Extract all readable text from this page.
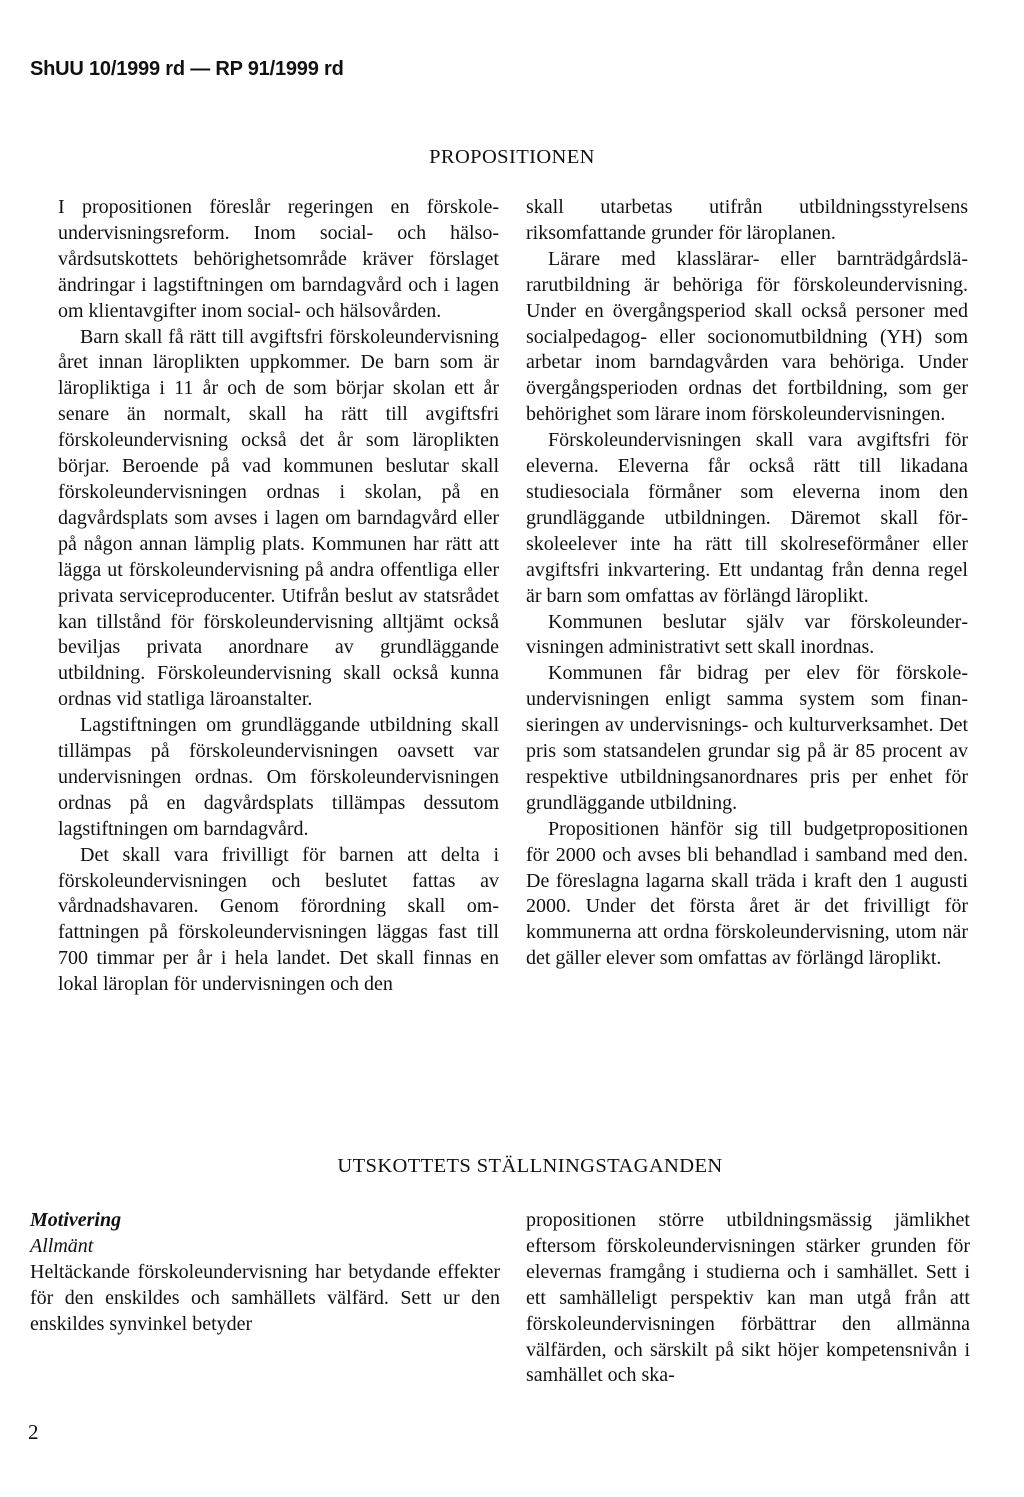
ShUU 10/1999 rd — RP 91/1999 rd
PROPOSITIONEN

I propositionen föreslår regeringen en förskoleundervisningsreform. Inom social- och hälsovårdsutskottets behörighetsområde kräver förslaget ändringar i lagstiftningen om barndagvård och i lagen om klientavgifter inom social- och hälsovården.

Barn skall få rätt till avgiftsfri förskoleundervisning året innan läroplikten uppkommer. De barn som är läropliktiga i 11 år och de som börjar skolan ett år senare än normalt, skall ha rätt till avgiftsfri förskoleundervisning också det år som läroplikten börjar. Beroende på vad kommunen beslutar skall förskoleundervisningen ordnas i skolan, på en dagvårdsplats som avses i lagen om barndagvård eller på någon annan lämplig plats. Kommunen har rätt att lägga ut förskoleundervisning på andra offentliga eller privata serviceproducenter. Utifrån beslut av statsrådet kan tillstånd för förskoleundervisning alltjämt också beviljas privata anordnare av grundläggande utbildning. Förskoleundervisning skall också kunna ordnas vid statliga läroanstalter.

Lagstiftningen om grundläggande utbildning skall tillämpas på förskoleundervisningen oavsett var undervisningen ordnas. Om förskoleundervisningen ordnas på en dagvårdsplats tillämpas dessutom lagstiftningen om barndagvård.

Det skall vara frivilligt för barnen att delta i förskoleundervisningen och beslutet fattas av vårdnadshavaren. Genom förordning skall omfattningen på förskoleundervisningen läggas fast till 700 timmar per år i hela landet. Det skall finnas en lokal läroplan för undervisningen och den

skall utarbetas utifrån utbildningsstyrelsens riksomfattande grunder för läroplanen.

Lärare med klasslärar- eller barnträdgårdslärarutbildning är behöriga för förskoleundervisning. Under en övergångsperiod skall också personer med socialpedagog- eller socionomutbildning (YH) som arbetar inom barndagvården vara behöriga. Under övergångsperioden ordnas det fortbildning, som ger behörighet som lärare inom förskoleundervisningen.

Förskoleundervisningen skall vara avgiftsfri för eleverna. Eleverna får också rätt till likadana studiesociala förmåner som eleverna inom den grundläggande utbildningen. Däremot skall förskoleelever inte ha rätt till skolreseförmåner eller avgiftsfri inkvartering. Ett undantag från denna regel är barn som omfattas av förlängd läroplikt.

Kommunen beslutar själv var förskoleundervisningen administrativt sett skall inordnas.

Kommunen får bidrag per elev för förskoleundervisningen enligt samma system som finansieringen av undervisnings- och kulturverksamhet. Det pris som statsandelen grundar sig på är 85 procent av respektive utbildningsanordnares pris per enhet för grundläggande utbildning.

Propositionen hänför sig till budgetpropositionen för 2000 och avses bli behandlad i samband med den. De föreslagna lagarna skall träda i kraft den 1 augusti 2000. Under det första året är det frivilligt för kommunerna att ordna förskoleundervisning, utom när det gäller elever som omfattas av förlängd läroplikt.

UTSKOTTETS STÄLLNINGSTAGANDEN

Motivering

Allmänt

Heltäckande förskoleundervisning har betydande effekter för den enskildes och samhällets välfärd. Sett ur den enskildes synvinkel betyder

propositionen större utbildningsmässig jämlikhet eftersom förskoleundervisningen stärker grunden för elevernas framgång i studierna och i samhället. Sett i ett samhälleligt perspektiv kan man utgå från att förskoleundervisningen förbättrar den allmänna välfärden, och särskilt på sikt höjer kompetensnivån i samhället och ska-

2
